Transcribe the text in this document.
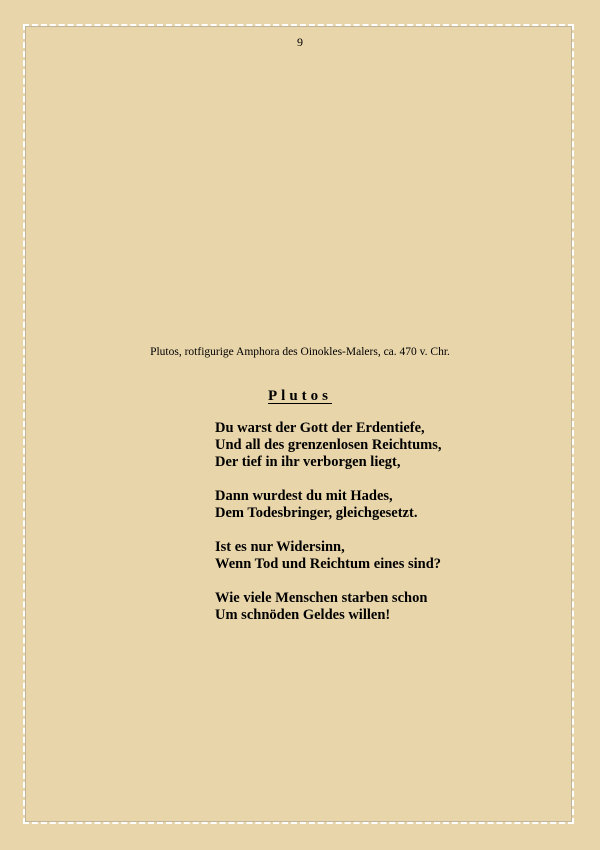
9
Plutos, rotfigurige Amphora des Oinokles-Malers, ca. 470 v. Chr.
Plutos
Du warst der Gott der Erdentiefe,
Und all des grenzenlosen Reichtums,
Der tief in ihr verborgen liegt,
Dann wurdest du mit Hades,
Dem Todesbringer, gleichgesetzt.
Ist es nur Widersinn,
Wenn Tod und Reichtum eines sind?
Wie viele Menschen starben schon
Um schnöden Geldes willen!
